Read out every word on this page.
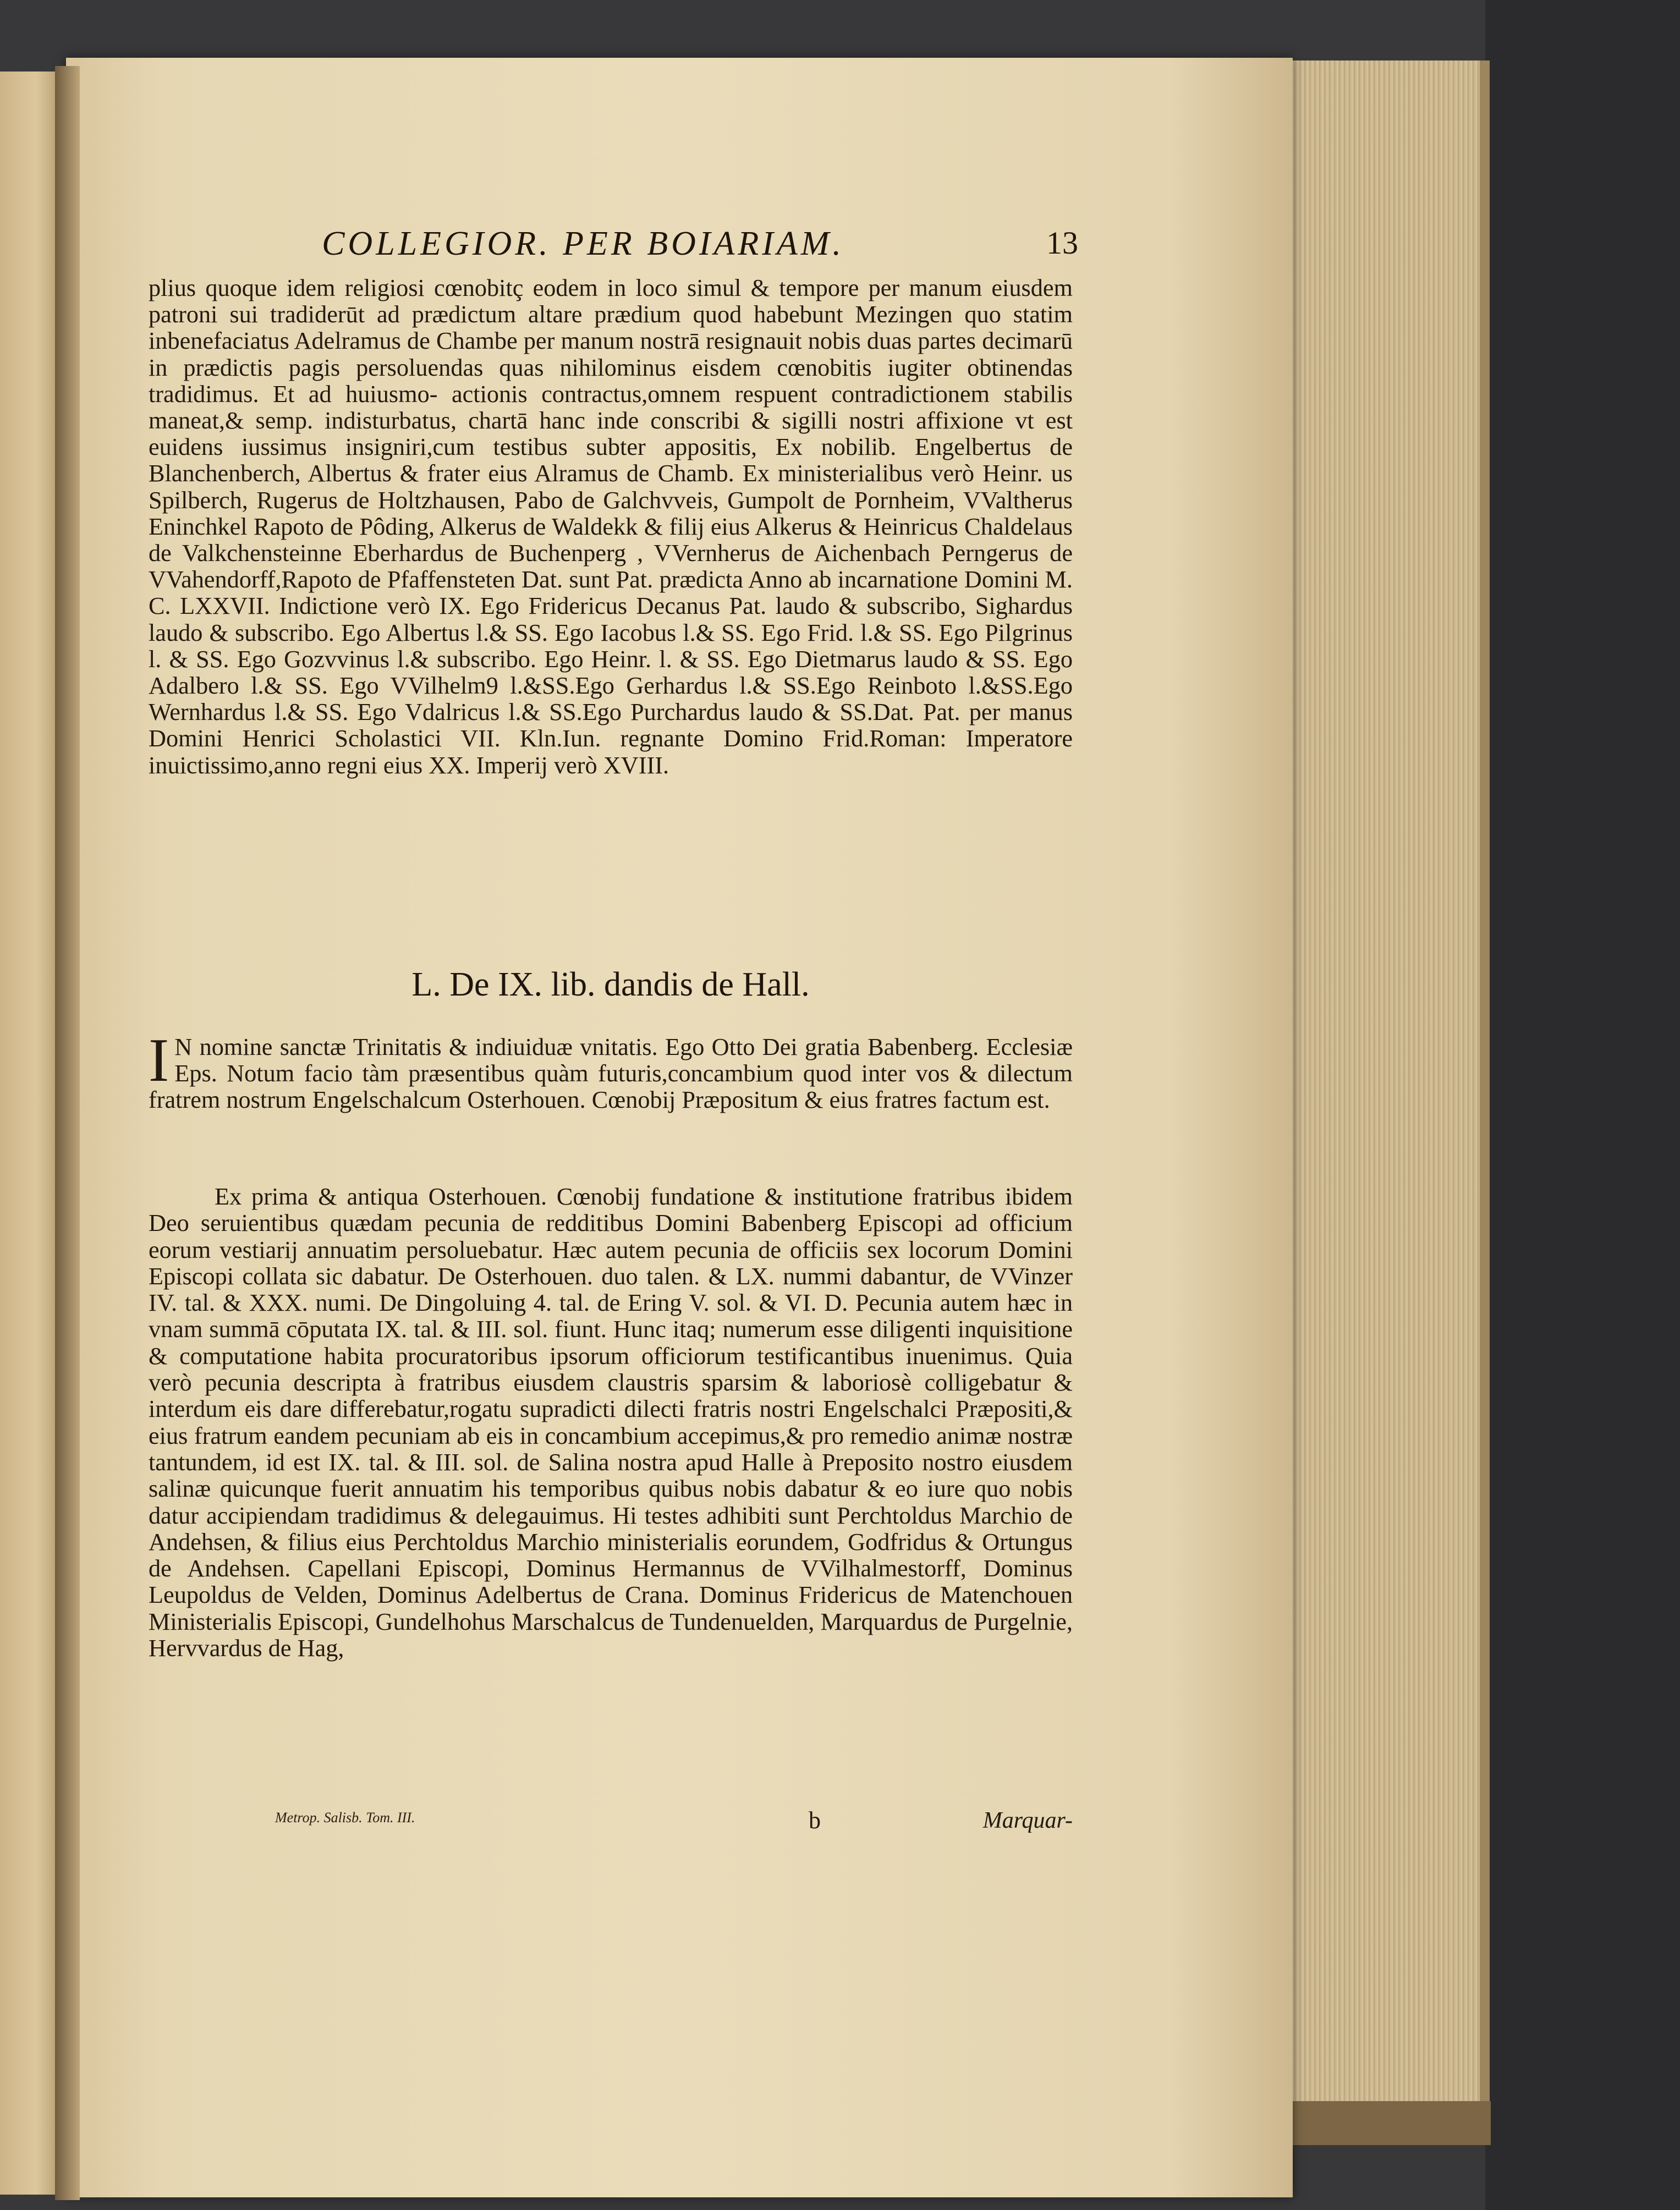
COLLEGIOR. PER BOIARIAM.	13
plius quoque idem religiosi cœnobitç eodem in loco simul & tempore per manum eiusdem patroni sui tradiderūt ad prædictum altare prædium quod habebunt Mezingen quo statim inbenefaciatus Adelramus de Chambe per manum nostrā resignauit nobis duas partes decimarū in prædictis pagis persoluendas quas nihilominus eisdem cœnobitis iugiter obtinendas tradidimus. Et ad huiusmo- actionis contractus,omnem respuent contradictionem stabilis maneat,& semp. indisturbatus, chartā hanc inde conscribi & sigilli nostri affixione vt est euidens iussimus insigniri,cum testibus subter appositis, Ex nobilib. Engelbertus de Blanchenberch, Albertus & frater eius Alramus de Chamb. Ex ministerialibus verò Heinr. us Spilberch, Rugerus de Holtzhausen, Pabo de Galchvveis, Gumpolt de Pornheim, VValtherus Eninchkel Rapoto de Pôding, Alkerus de Waldekk & filij eius Alkerus & Heinricus Chaldelaus de Valkchensteinne Eberhardus de Buchenperg , VVernherus de Aichenbach Perngerus de VVahendorff,Rapoto de Pfaffensteten Dat. sunt Pat. prædicta Anno ab incarnatione Domini M. C. LXXVII. Indictione verò IX. Ego Fridericus Decanus Pat. laudo & subscribo, Sighardus laudo & subscribo. Ego Albertus l.& SS. Ego Iacobus l.& SS. Ego Frid. l.& SS. Ego Pilgrinus l. & SS. Ego Gozvvinus l.& subscribo. Ego Heinr. l. & SS. Ego Dietmarus laudo & SS. Ego Adalbero l.& SS. Ego VVilhelm9 l.&SS.Ego Gerhardus l.& SS.Ego Reinboto l.&SS.Ego Wernhardus l.& SS. Ego Vdalricus l.& SS.Ego Purchardus laudo & SS.Dat. Pat. per manus Domini Henrici Scholastici VII. Kln.Iun. regnante Domino Frid.Roman: Imperatore inuictissimo,anno regni eius XX. Imperij verò XVIII.
L. De IX. lib. dandis de Hall.
I N nomine sanctæ Trinitatis & indiuiduæ vnitatis. Ego Otto Dei gratia Babenberg. Ecclesiæ Eps. Notum facio tàm præsentibus quàm futuris,concambium quod inter vos & dilectum fratrem nostrum Engelschalcum Osterhouen. Cœnobij Præpositum & eius fratres factum est.
Ex prima & antiqua Osterhouen. Cœnobij fundatione & institutione fratribus ibidem Deo seruientibus quædam pecunia de redditibus Domini Babenberg Episcopi ad officium eorum vestiarij annuatim persoluebatur. Hæc autem pecunia de officiis sex locorum Domini Episcopi collata sic dabatur. De Osterhouen. duo talen. & LX. nummi dabantur, de VVinzer IV. tal. & XXX. numi. De Dingoluing 4. tal. de Ering V. sol. & VI. D. Pecunia autem hæc in vnam summā cōputata IX. tal. & III. sol. fiunt. Hunc itaq; numerum esse diligenti inquisitione & computatione habita procuratoribus ipsorum officiorum testificantibus inuenimus. Quia verò pecunia descripta à fratribus eiusdem claustris sparsim & laboriosè colligebatur & interdum eis dare differebatur,rogatu supradicti dilecti fratris nostri Engelschalci Præpositi,& eius fratrum eandem pecuniam ab eis in concambium accepimus,& pro remedio animæ nostræ tantundem, id est IX. tal. & III. sol. de Salina nostra apud Halle à Preposito nostro eiusdem salinæ quicunque fuerit annuatim his temporibus quibus nobis dabatur & eo iure quo nobis datur accipiendam tradidimus & delegauimus. Hi testes adhibiti sunt Perchtoldus Marchio de Andehsen, & filius eius Perchtoldus Marchio ministerialis eorundem, Godfridus & Ortungus de Andehsen. Capellani Episcopi, Dominus Hermannus de VVilhalmestorff, Dominus Leupoldus de Velden, Dominus Adelbertus de Crana. Dominus Fridericus de Matenchouen Ministerialis Episcopi, Gundelhohus Marschalcus de Tundenuelden, Marquardus de Purgelnie, Hervvardus de Hag,
Metrop. Salisb. Tom. III.	b	Marquar-
